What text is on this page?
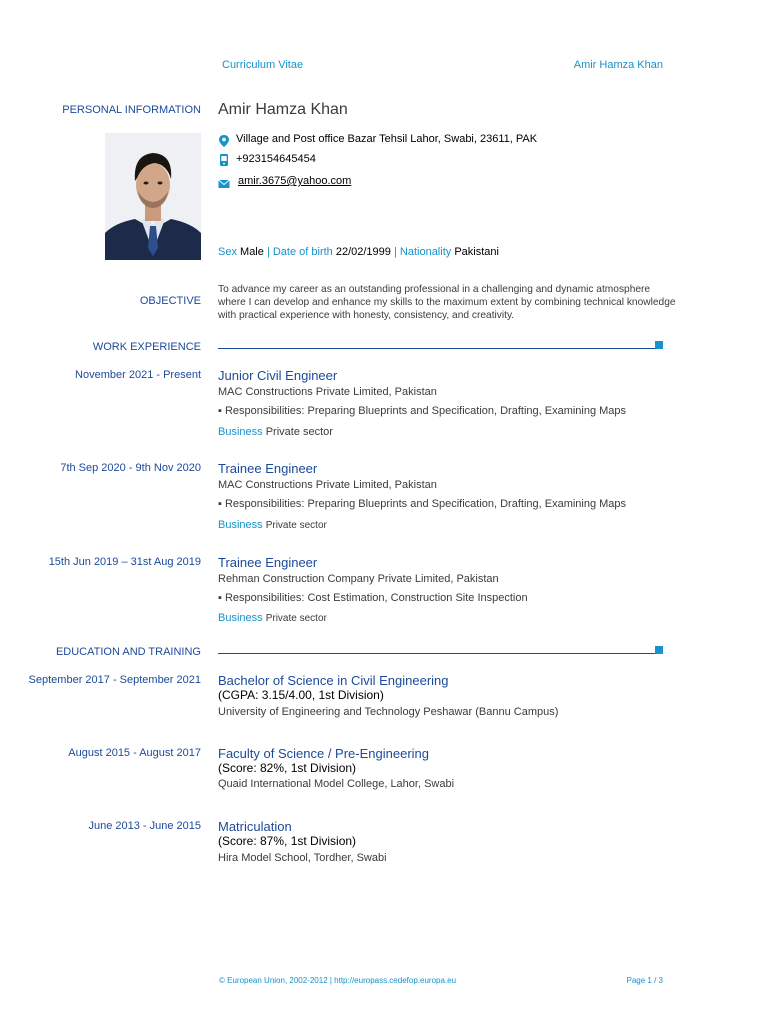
Curriculum Vitae	Amir Hamza Khan
PERSONAL INFORMATION Amir Hamza Khan
Village and Post office Bazar Tehsil Lahor, Swabi, 23611, PAK
+923154645454
amir.3675@yahoo.com
Sex Male | Date of birth 22/02/1999 | Nationality Pakistani
OBJECTIVE
To advance my career as an outstanding professional in a challenging and dynamic atmosphere
where I can develop and enhance my skills to the maximum extent by combining technical knowledge
with practical experience with honesty, consistency, and creativity.
WORK EXPERIENCE
November 2021 - Present Junior Civil Engineer
MAC Constructions Private Limited, Pakistan
▪ Responsibilities: Preparing Blueprints and Specification, Drafting, Examining Maps
Business Private sector
7th Sep 2020 - 9th Nov 2020 Trainee Engineer
MAC Constructions Private Limited, Pakistan
▪ Responsibilities: Preparing Blueprints and Specification, Drafting, Examining Maps
Business Private sector
15th Jun 2019 – 31st Aug 2019 Trainee Engineer
Rehman Construction Company Private Limited, Pakistan
▪ Responsibilities: Cost Estimation, Construction Site Inspection
Business Private sector
EDUCATION AND TRAINING
September 2017 - September 2021 Bachelor of Science in Civil Engineering
(CGPA: 3.15/4.00, 1st Division)
University of Engineering and Technology Peshawar (Bannu Campus)
August 2015 - August 2017 Faculty of Science / Pre-Engineering
(Score: 82%, 1st Division)
Quaid International Model College, Lahor, Swabi
June 2013 - June 2015 Matriculation
(Score: 87%, 1st Division)
Hira Model School, Tordher, Swabi
© European Union, 2002-2012 | http://europass.cedefop.europa.eu	Page 1 / 3
